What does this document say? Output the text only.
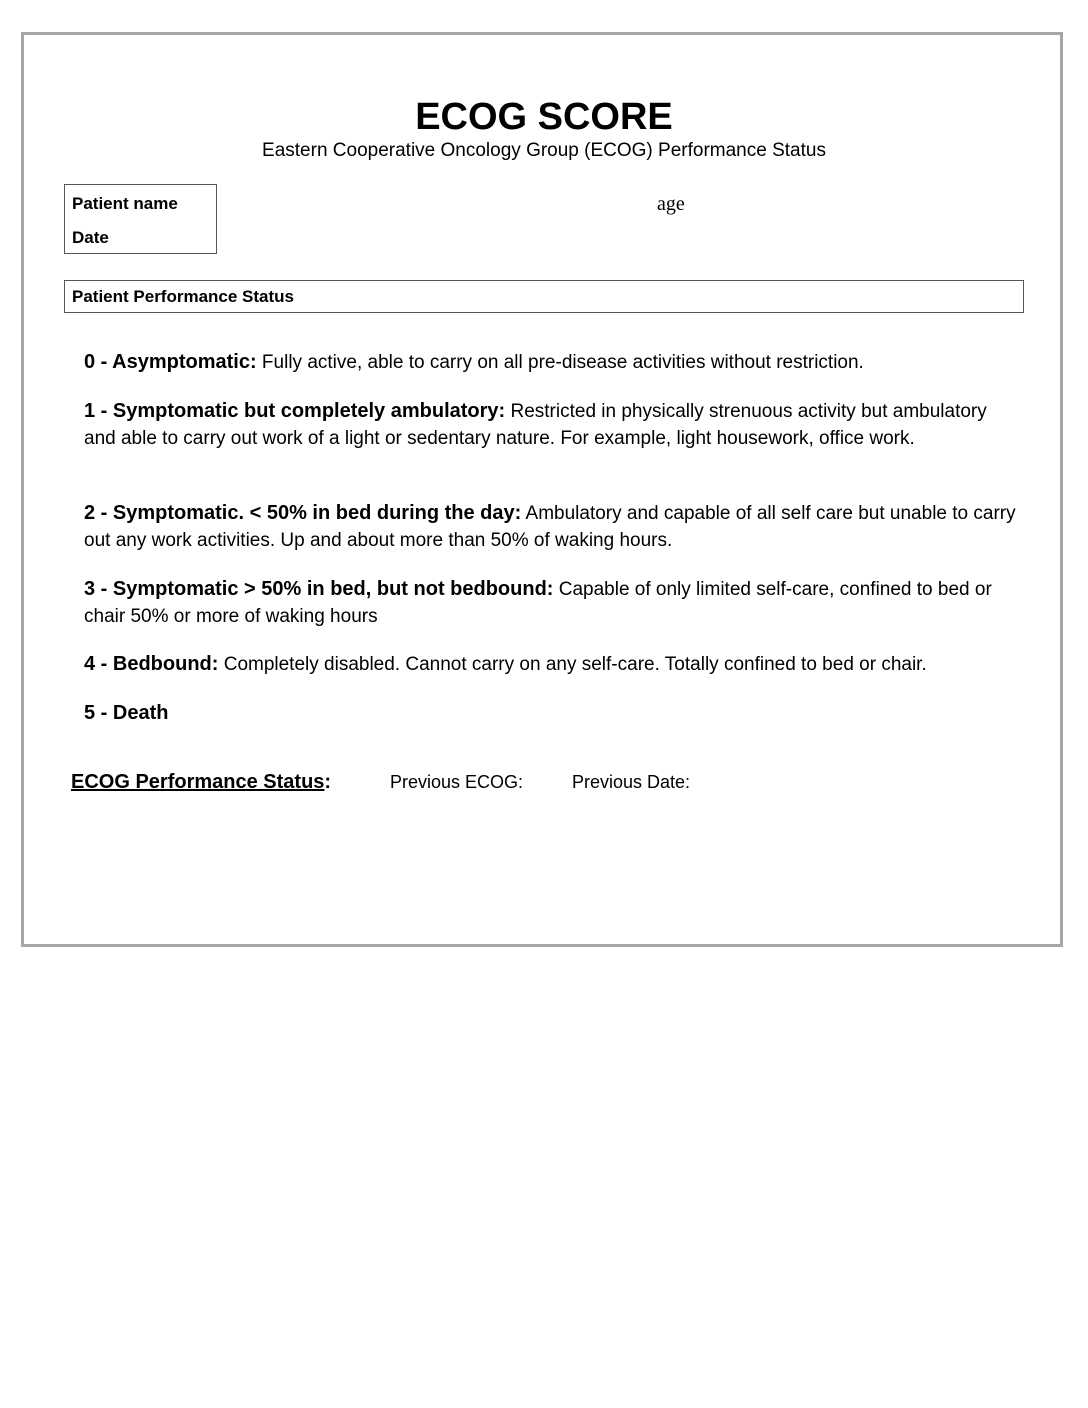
ECOG SCORE
Eastern Cooperative Oncology Group (ECOG) Performance Status
Patient name
Date
age
Patient Performance Status

0 - Asymptomatic: Fully active, able to carry on all pre-disease activities without restriction.

1 - Symptomatic but completely ambulatory: Restricted in physically strenuous activity but ambulatory and able to carry out work of a light or sedentary nature. For example, light housework, office work.

2 - Symptomatic. < 50% in bed during the day: Ambulatory and capable of all self care but unable to carry out any work activities. Up and about more than 50% of waking hours.

3 - Symptomatic > 50% in bed, but not bedbound: Capable of only limited self-care, confined to bed or chair 50% or more of waking hours

4 - Bedbound: Completely disabled. Cannot carry on any self-care. Totally confined to bed or chair.

5 - Death

ECOG Performance Status:	Previous ECOG:	Previous Date:
